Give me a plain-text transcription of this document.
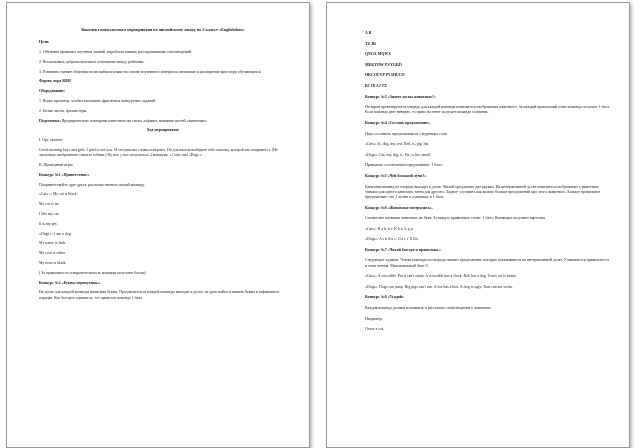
Конспект внеклассного мероприятия по английскому языку во 2 классе «Englishdom»

Цели:

1. Обучение правилам поучения знаний, выработка навыку расспрашивания стихотворений.

2. Воспитывать доброжелательное отношение между ребятами.

3. Развивать умение общения на английском языке на основе изученного материала, внимание и расширение кругозора обучающихся.

Форма: игра КВН

Оборудование:

1. Видео проектор, чтобы показывать фрагменты конкурсных заданий.

2. Белые листы, фломастеры.

Подготовка: Предварительно повторены известные им стихи, алфавит, названия частей «животные».

Ход мероприятия:

I. Орг. момент

Good morning boys and girls. I glad to see you. И сегодня мы с вами поиграем. Но для начала выберите себе лапочку, которой вас поприветст. (На листочках изображение сначала собаки.) Ну вот, у нас получилось 2 команды: « Cats» and «Dogs »

II. Проведение игры.

Конкурс №1 «Приветствие.»

Поприветствуйте друг друга, расскажи немного вашей команду.

«Cats »: My cat is black.

My cat is fat.

I like my cat.

It is my pet.

«Dogs »: I am a dog.

My name is Jack.

My coat is white.

My nose is black.

( За правильность и выразительность команды получают баллы)

Конкурс №2 «Буквы перепутаны.»

На доске для каждой команды написаны буквы. Предлагается из каждой команды выходит к доске, из урок найти и назвать буквы в алфавитном порядке. Кто быстрее справится, тот приносит команде 1 балл

A B

TZ JR

QNGX MQWX

MEKYDW EVYGKD

HKCOUVP PVSHUCO

BJ JR AJ TZ

Конкурс №3 «Знаете ли вы животных?»

На экран проектируются очередь для каждой команды появляются изображения животного. За каждый правильный ответ команда получает 1 балл. Если команда дает неверно, то право на ответ получает команда соперник.

Конкурс №4 «Составь предложение».

Надо составить предложения из следующих слов

«Cats»: Is, dog, my, red. Red, is, pig, his.

«Dogs»: Cat, my, big, is. Fat, is his, small.

Правильно составленное предложение- 1 балл.

Конкурс №5 «Чей большой лучи?»

Капитаны команд по очереди выходят к доске. Малой предлагают два кружка. На интерактивной доске появляется изображение с животных сначала для одного капитана, затем для другого. Задача- составить как можно больше предложений про этого животного. Каждое правильное предложение- это 1 лучик в солнышку и 1 балл.

Конкурс №6 «Животные потерялись».

Соотнесите названия животных их букв. За каждое правильное слово- 1 балл. Командам получают карточки.

«Cats»: R a b, b t; K h a, L g p.

«Dogs»: A s h A u s; O a t, f X Ke.

Конкурс №7 «Читай быстро и правильно.»

Следующее задание. Члены команды по очереди читают предложение, которые показываются на интерактивной доске. Учитывается правильность и темп чтения. Максимальный балл-5.

«Cats»: A crocodile. Put it can't swim. A crocodile has a clock. Bob has a dog. Tom's cat is funny.

«Dogs»: Dogs can jump. Big pigs can't run. A fox has a box. A frog is ugly. Tom can not swim.

Конкурс №8 «Угадай»

Каждая команда должна вспомнить и рассказать стихотворение о животных.

Например:

I have a cat,
